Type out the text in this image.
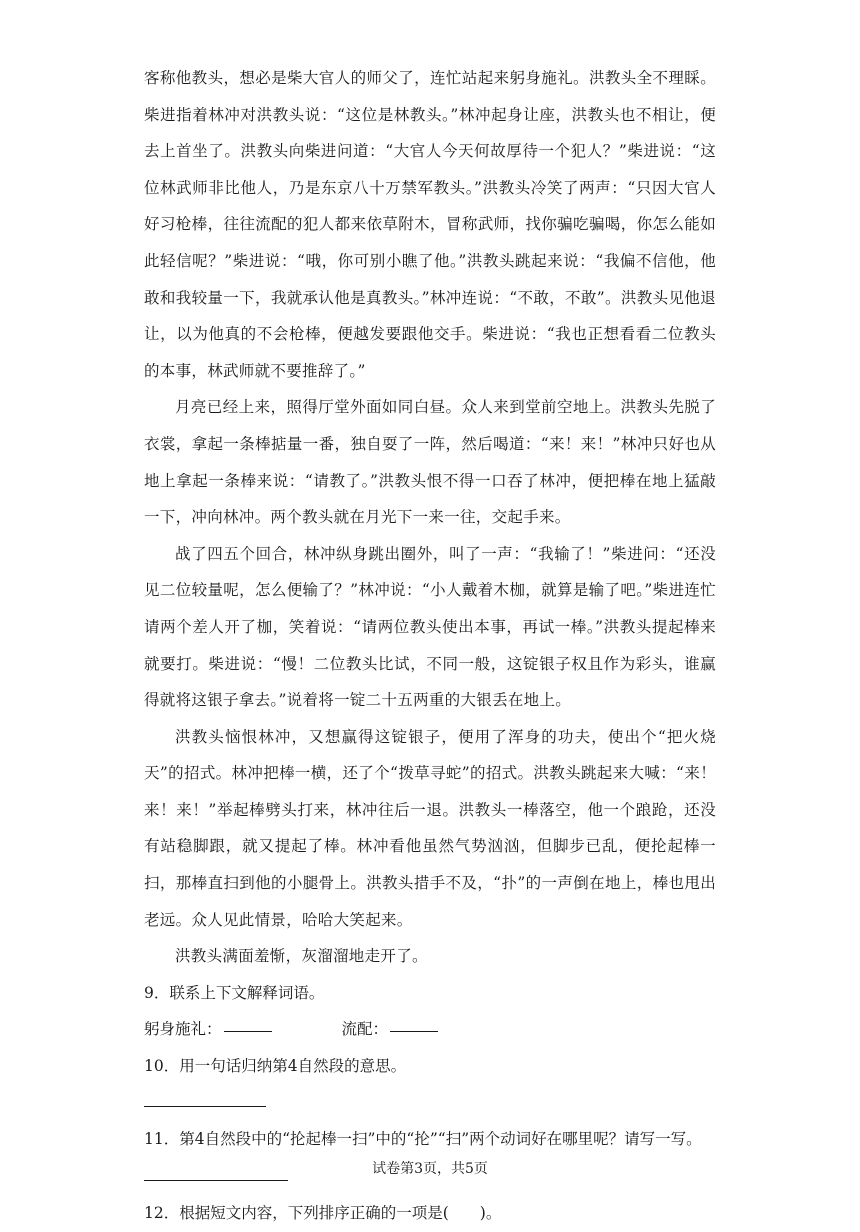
客称他教头，想必是柴大官人的师父了，连忙站起来躬身施礼。洪教头全不理睬。柴进指着林冲对洪教头说：“这位是林教头。”林冲起身让座，洪教头也不相让，便去上首坐了。洪教头向柴进问道：“大官人今天何故厚待一个犯人？”柴进说：“这位林武师非比他人，乃是东京八十万禁军教头。”洪教头冷笑了两声：“只因大官人好习枪棒，往往流配的犯人都来依草附木，冒称武师，找你骗吃骗喝，你怎么能如此轻信呢？”柴进说：“哦，你可别小瞧了他。”洪教头跳起来说：“我偏不信他，他敢和我较量一下，我就承认他是真教头。”林冲连说：“不敢，不敢”。洪教头见他退让，以为他真的不会枪棒，便越发要跟他交手。柴进说：“我也正想看看二位教头的本事，林武师就不要推辞了。”

月亮已经上来，照得厅堂外面如同白昼。众人来到堂前空地上。洪教头先脱了衣裳，拿起一条棒掂量一番，独自耍了一阵，然后喝道：“来！来！”林冲只好也从地上拿起一条棒来说：“请教了。”洪教头恨不得一口吞了林冲，便把棒在地上猛敲一下，冲向林冲。两个教头就在月光下一来一往，交起手来。

战了四五个回合，林冲纵身跳出圈外，叫了一声：“我输了！”柴进问：“还没见二位较量呢，怎么便输了？”林冲说：“小人戴着木枷，就算是输了吧。”柴进连忙请两个差人开了枷，笑着说：“请两位教头使出本事，再试一棒。”洪教头提起棒来就要打。柴进说：“慢！二位教头比试，不同一般，这锭银子权且作为彩头，谁赢得就将这银子拿去。”说着将一锭二十五两重的大银丢在地上。

洪教头恼恨林冲，又想赢得这锭银子，便用了浑身的功夫，使出个“把火烧天”的招式。林冲把棒一横，还了个“拨草寻蛇”的招式。洪教头跳起来大喊：“来！来！来！”举起棒劈头打来，林冲往后一退。洪教头一棒落空，他一个踉跄，还没有站稳脚跟，就又提起了棒。林冲看他虽然气势汹汹，但脚步已乱，便抡起棒一扫，那棒直扫到他的小腿骨上。洪教头措手不及，“扑”的一声倒在地上，棒也甩出老远。众人见此情景，哈哈大笑起来。

洪教头满面羞惭，灰溜溜地走开了。

9．联系上下文解释词语。

躬身施礼：	流配：

10．用一句话归纳第4自然段的意思。

11．第4自然段中的“抡起棒一扫”中的“抡”“扫”两个动词好在哪里呢？请写一写。

12．根据短文内容，下列排序正确的一项是(　　)。

试卷第3页，共5页
